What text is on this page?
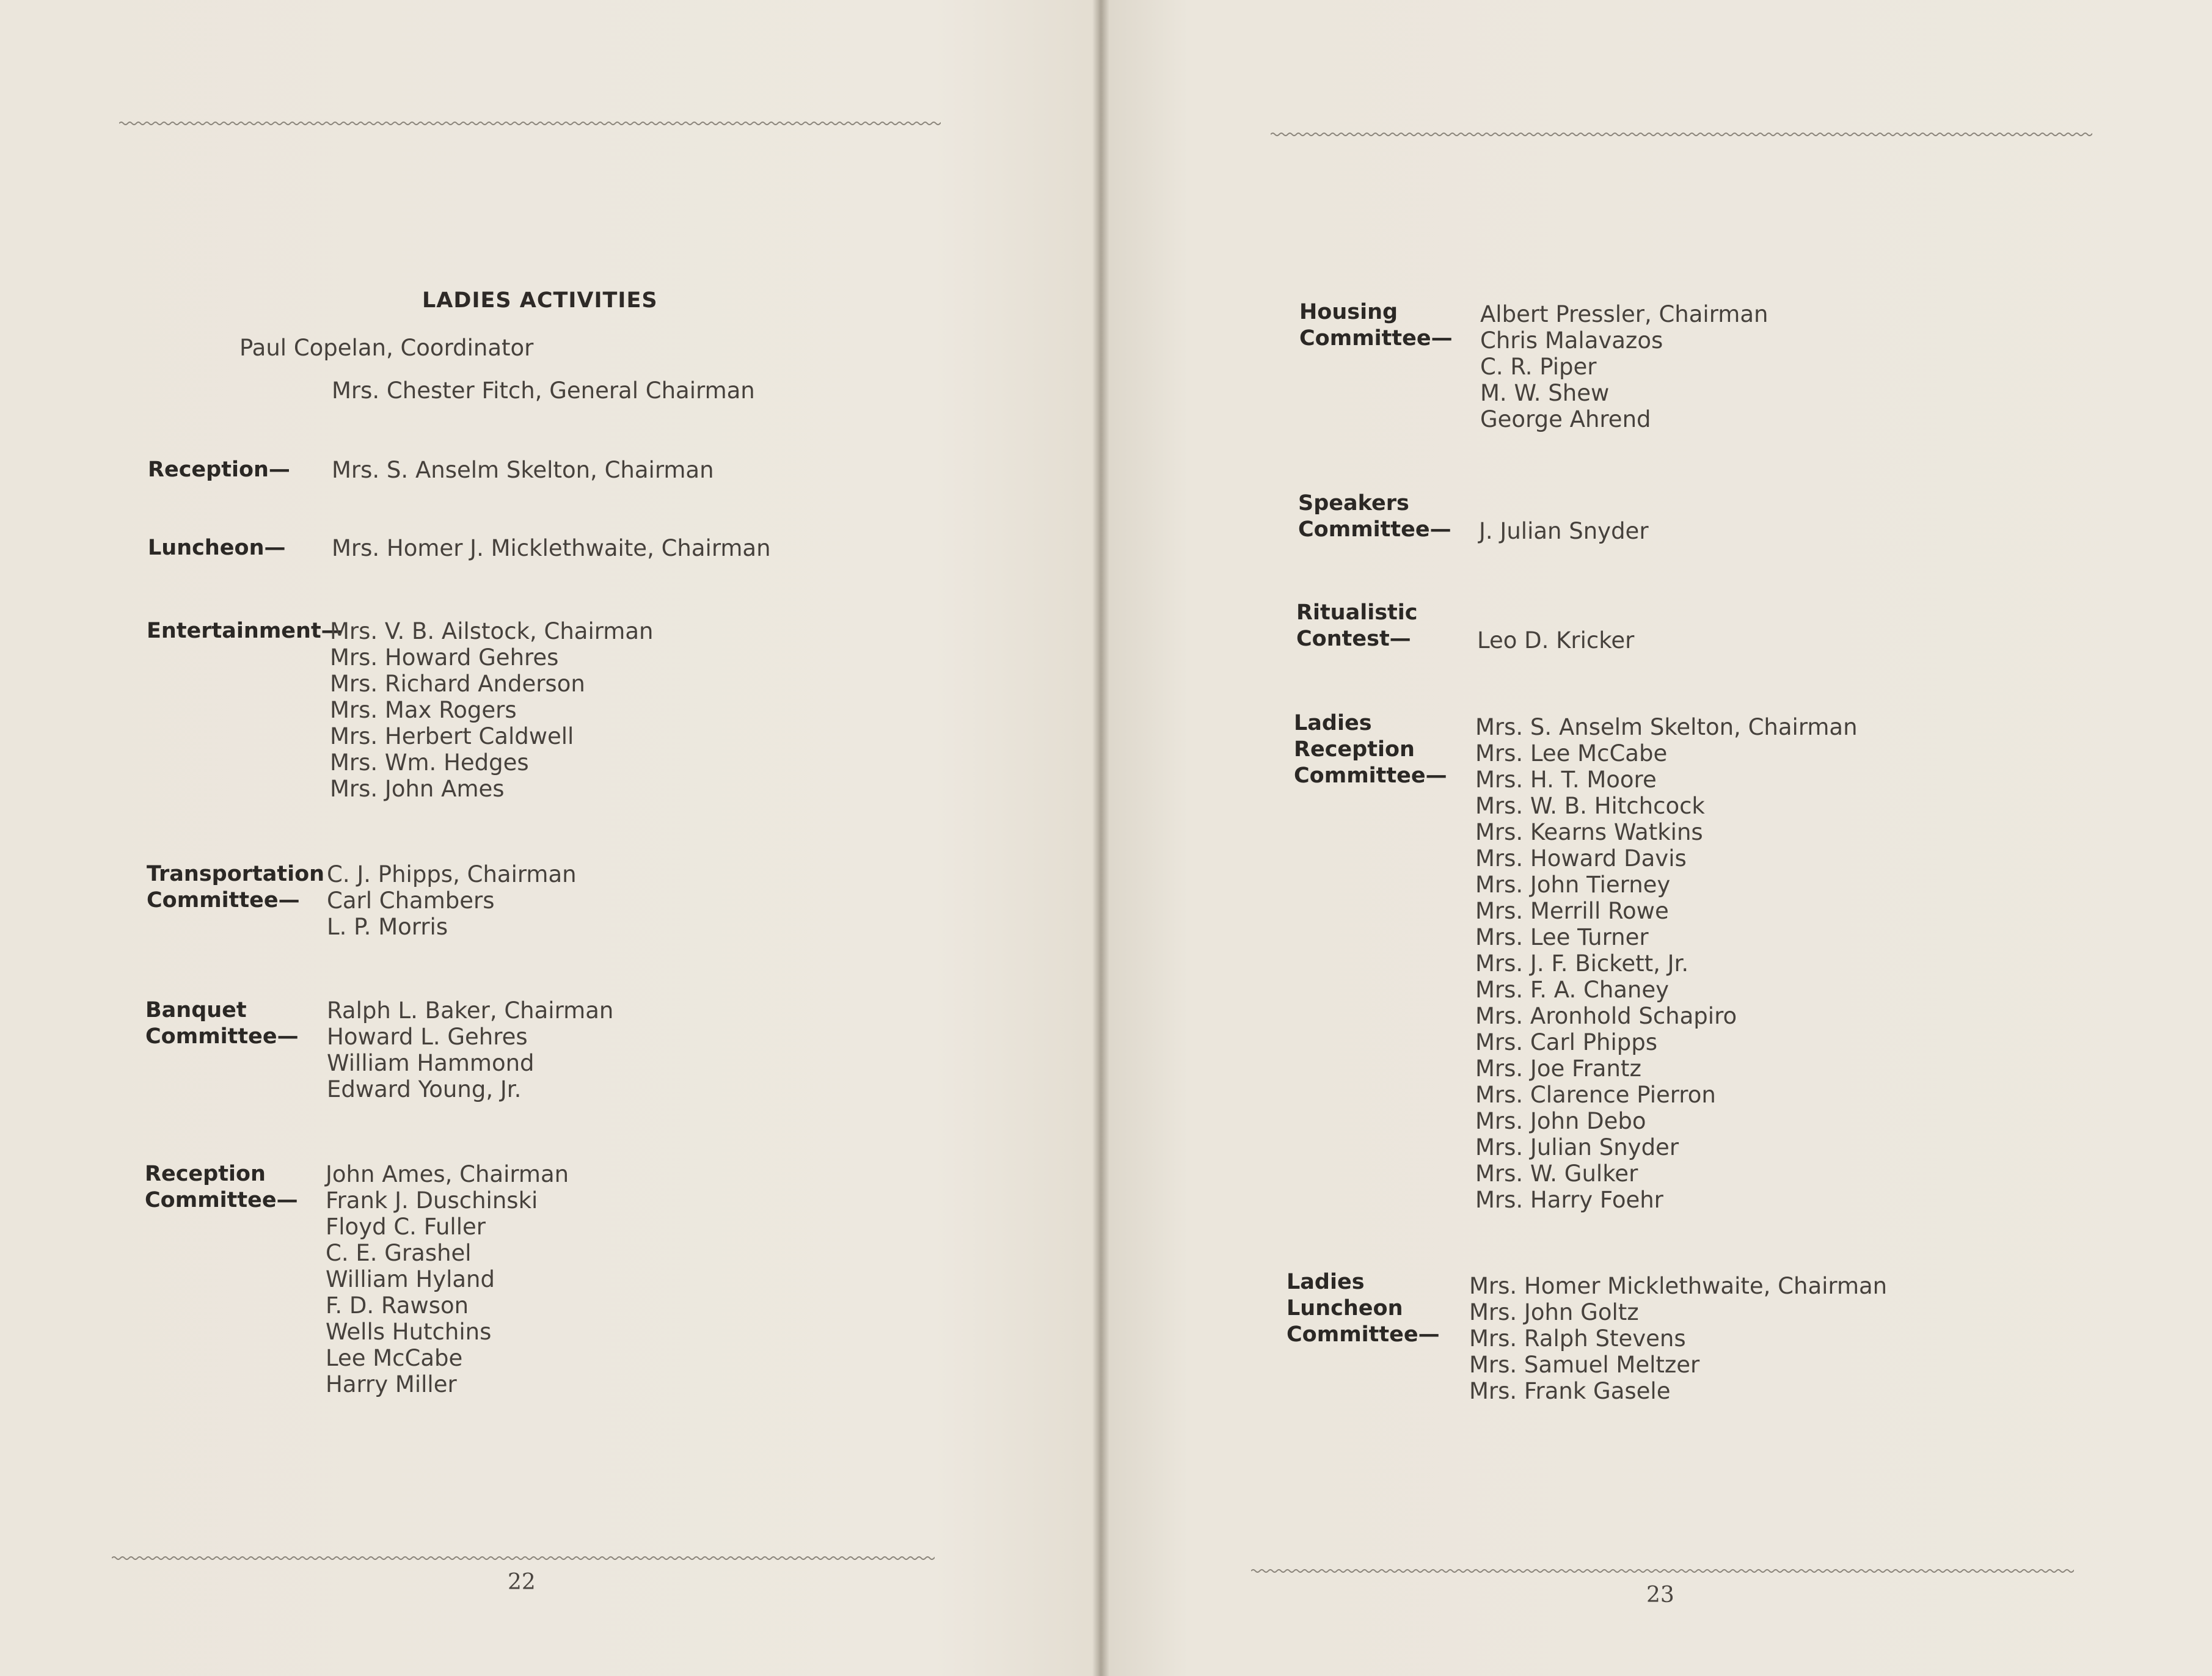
LADIES ACTIVITIES
Paul Copelan, Coordinator
Mrs. Chester Fitch, General Chairman
Reception— Mrs. S. Anselm Skelton, Chairman
Luncheon— Mrs. Homer J. Micklethwaite, Chairman
Entertainment—
Mrs. V. B. Ailstock, Chairman
Mrs. Howard Gehres
Mrs. Richard Anderson
Mrs. Max Rogers
Mrs. Herbert Caldwell
Mrs. Wm. Hedges
Mrs. John Ames
Transportation
Committee—
C. J. Phipps, Chairman
Carl Chambers
L. P. Morris
Banquet
Committee—
Ralph L. Baker, Chairman
Howard L. Gehres
William Hammond
Edward Young, Jr.
Reception
Committee—
John Ames, Chairman
Frank J. Duschinski
Floyd C. Fuller
C. E. Grashel
William Hyland
F. D. Rawson
Wells Hutchins
Lee McCabe
Harry Miller
22
Housing
Committee—
Albert Pressler, Chairman
Chris Malavazos
C. R. Piper
M. W. Shew
George Ahrend
Speakers
Committee— J. Julian Snyder
Ritualistic
Contest—	Leo D. Kricker
Ladies
Reception
Committee—
Mrs. S. Anselm Skelton, Chairman
Mrs. Lee McCabe
Mrs. H. T. Moore
Mrs. W. B. Hitchcock
Mrs. Kearns Watkins
Mrs. Howard Davis
Mrs. John Tierney
Mrs. Merrill Rowe
Mrs. Lee Turner
Mrs. J. F. Bickett, Jr.
Mrs. F. A. Chaney
Mrs. Aronhold Schapiro
Mrs. Carl Phipps
Mrs. Joe Frantz
Mrs. Clarence Pierron
Mrs. John Debo
Mrs. Julian Snyder
Mrs. W. Gulker
Mrs. Harry Foehr
Ladies
Luncheon
Committee—
Mrs. Homer Micklethwaite, Chairman
Mrs. John Goltz
Mrs. Ralph Stevens
Mrs. Samuel Meltzer
Mrs. Frank Gasele
23
